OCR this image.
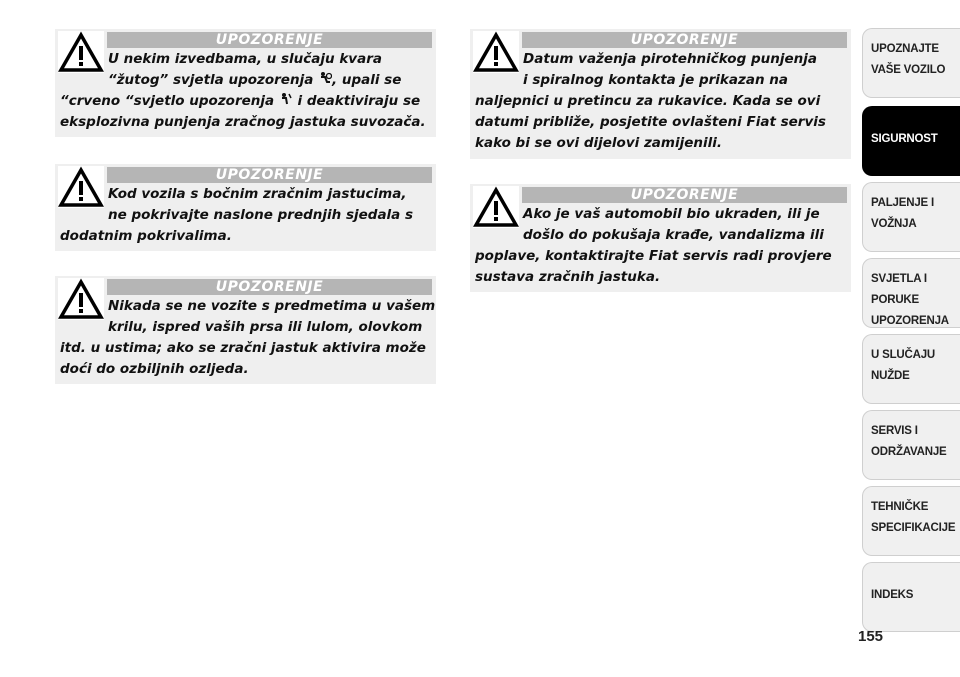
UPOZORENJE
U nekim izvedbama, u slučaju kvara
“žutog” svjetla upozorenja , upali se
“crveno “svjetlo upozorenja  i deaktiviraju se
eksplozivna punjenja zračnog jastuka suvozača.
UPOZORENJE
Kod vozila s bočnim zračnim jastucima,
ne pokrivajte naslone prednjih sjedala s
dodatnim pokrivalima.
UPOZORENJE
Nikada se ne vozite s predmetima u vašem
krilu, ispred vaših prsa ili lulom, olovkom
itd. u ustima; ako se zračni jastuk aktivira može
doći do ozbiljnih ozljeda.
UPOZORENJE
Datum važenja pirotehničkog punjenja
i spiralnog kontakta je prikazan na
naljepnici u pretincu za rukavice. Kada se ovi
datumi približe, posjetite ovlašteni Fiat servis
kako bi se ovi dijelovi zamijenili.
UPOZORENJE
Ako je vaš automobil bio ukraden, ili je
došlo do pokušaja krađe, vandalizma ili
poplave, kontaktirajte Fiat servis radi provjere
sustava zračnih jastuka.
UPOZNAJTE
VAŠE VOZILO
SIGURNOST
PALJENJE I
VOŽNJA
SVJETLA I PORUKE
UPOZORENJA
U SLUČAJU
NUŽDE
SERVIS I
ODRŽAVANJE
TEHNIČKE
SPECIFIKACIJE
INDEKS
155
